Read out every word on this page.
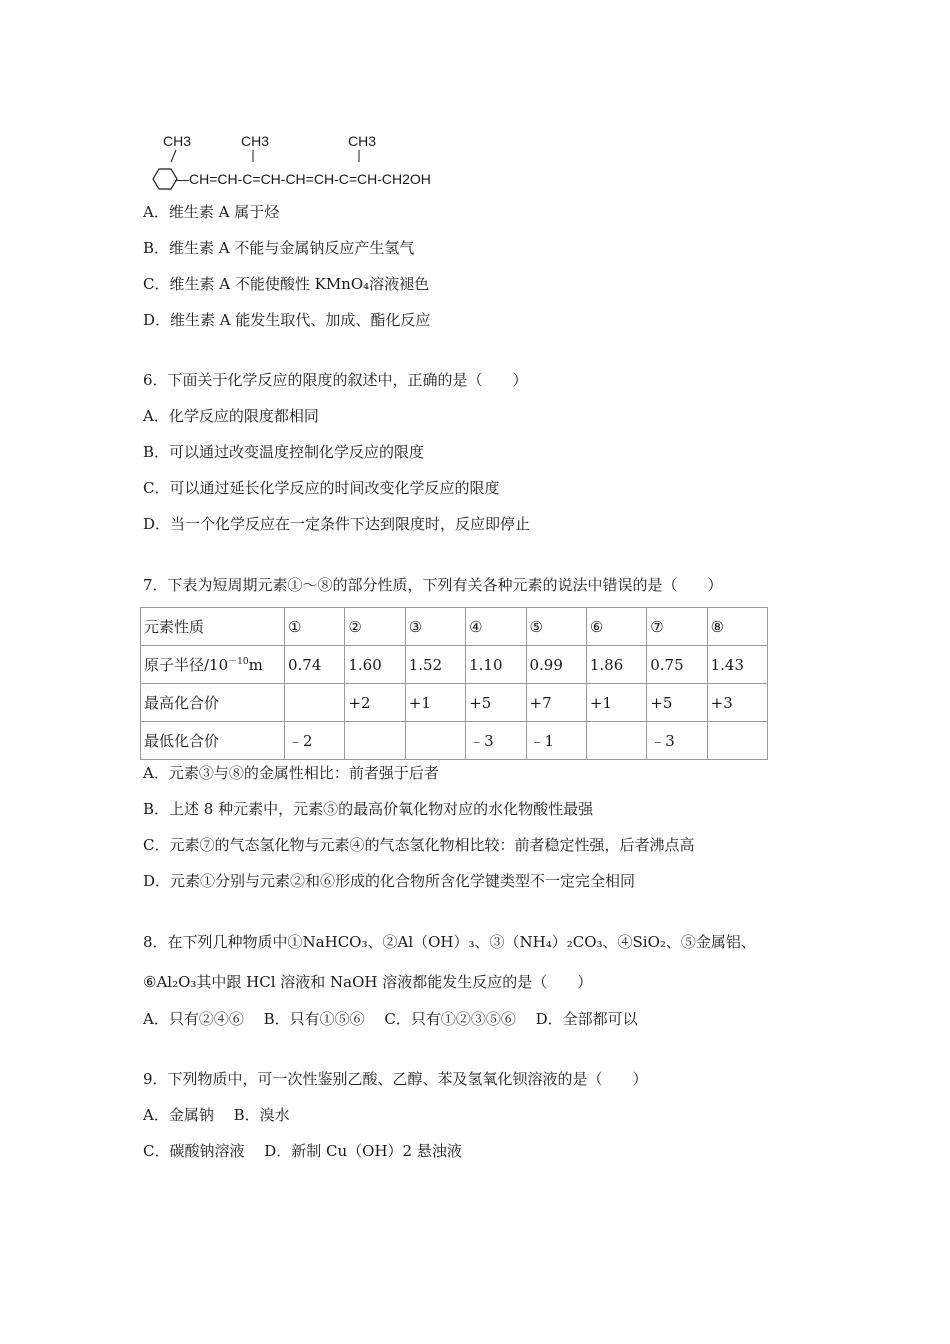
CH3	CH3	CH3
—CH=CH-C=CH-CH=CH-C=CH-CH2OH
A．维生素 A 属于烃
B．维生素 A 不能与金属钠反应产生氢气
C．维生素 A 不能使酸性 KMnO₄溶液褪色
D．维生素 A 能发生取代、加成、酯化反应
6．下面关于化学反应的限度的叙述中，正确的是（　　）
A．化学反应的限度都相同
B．可以通过改变温度控制化学反应的限度
C．可以通过延长化学反应的时间改变化学反应的限度
D．当一个化学反应在一定条件下达到限度时，反应即停止
7．下表为短周期元素①～⑧的部分性质，下列有关各种元素的说法中错误的是（　　）
元素性质	①	②	③	④	⑤	⑥	⑦	⑧
原子半径$/10^{-10}m$	0.74	1.60	1.52	1.10	0.99	1.86	0.75	1.43
最高化合价		+2	+1	+5	+7	+1	+5	+3
最低化合价	﹣2			﹣3	﹣1		﹣3	
A．元素③与⑧的金属性相比：前者强于后者
B．上述 8 种元素中，元素⑤的最高价氧化物对应的水化物酸性最强
C．元素⑦的气态氢化物与元素④的气态氢化物相比较：前者稳定性强，后者沸点高
D．元素①分别与元素②和⑥形成的化合物所含化学键类型不一定完全相同
8．在下列几种物质中①NaHCO₃、②Al（OH）₃、③（NH₄）₂CO₃、④SiO₂、⑤金属铝、
⑥Al₂O₃其中跟 HCl 溶液和 NaOH 溶液都能发生反应的是（　　）
A．只有②④⑥　 B．只有①⑤⑥　 C．只有①②③⑤⑥　 D．全部都可以
9．下列物质中，可一次性鉴别乙酸、乙醇、苯及氢氧化钡溶液的是（　　）
A．金属钠　 B．溴水
C．碳酸钠溶液　 D．新制 Cu（OH）2 悬浊液
